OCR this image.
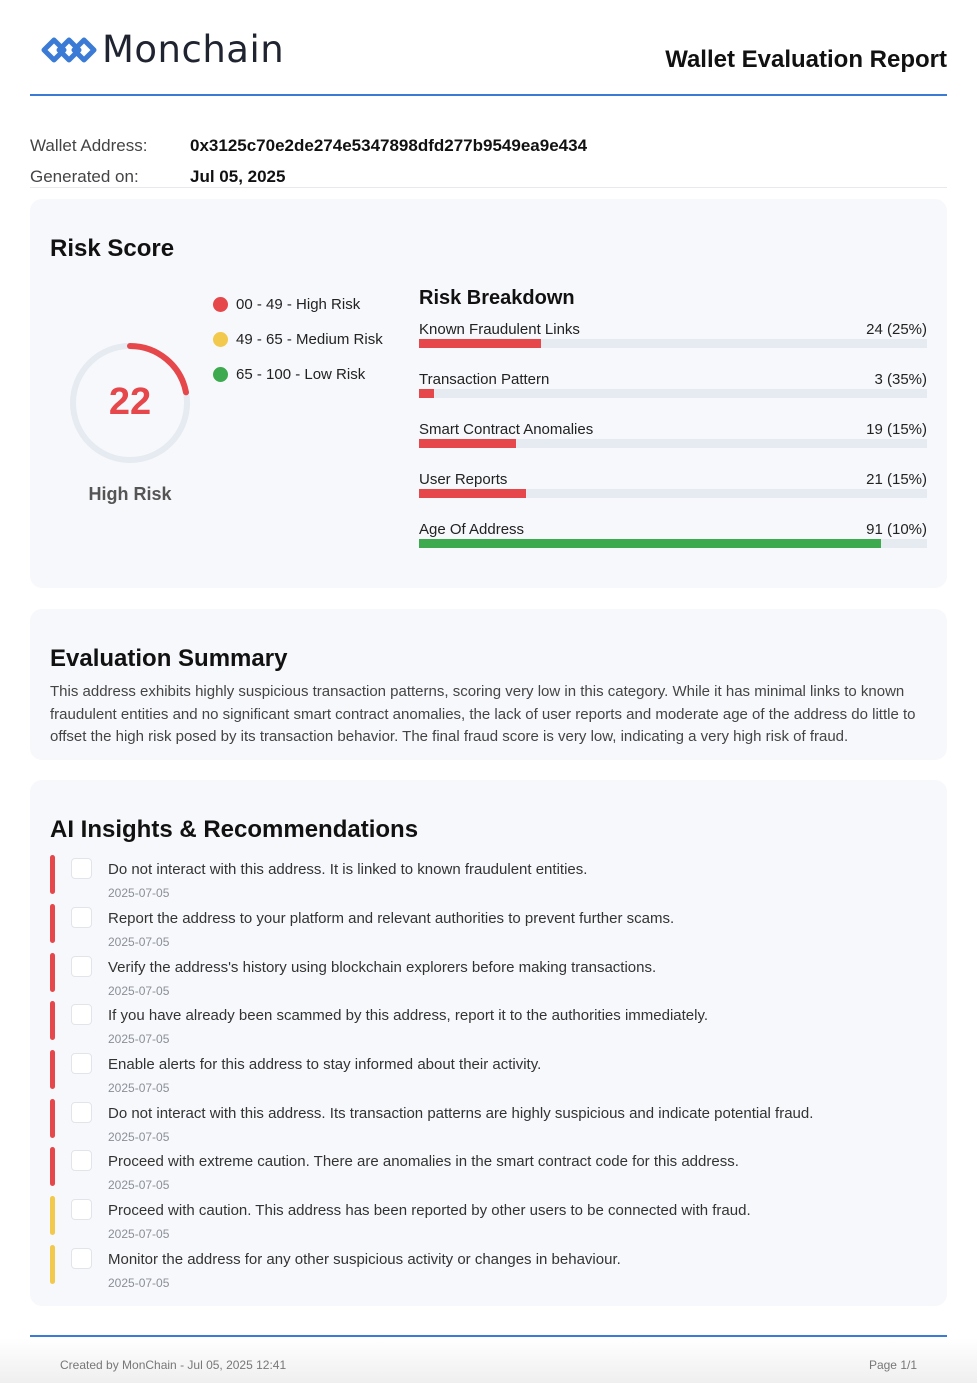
Monchain	Wallet Evaluation Report
Wallet Address:	0x3125c70e2de274e5347898dfd277b9549ea9e434
Generated on:	Jul 05, 2025
Risk Score
22
High Risk
00 - 49 - High Risk
49 - 65 - Medium Risk
65 - 100 - Low Risk
Risk Breakdown
Known Fraudulent Links	24 (25%)
Transaction Pattern	3 (35%)
Smart Contract Anomalies	19 (15%)
User Reports	21 (15%)
Age Of Address	91 (10%)
Evaluation Summary

This address exhibits highly suspicious transaction patterns, scoring very low in this category. While it has minimal links to known fraudulent entities and no significant smart contract anomalies, the lack of user reports and moderate age of the address do little to offset the high risk posed by its transaction behavior. The final fraud score is very low, indicating a very high risk of fraud.

AI Insights & Recommendations
Do not interact with this address. It is linked to known fraudulent entities.
2025-07-05
Report the address to your platform and relevant authorities to prevent further scams.
2025-07-05
Verify the address's history using blockchain explorers before making transactions.
2025-07-05
If you have already been scammed by this address, report it to the authorities immediately.
2025-07-05
Enable alerts for this address to stay informed about their activity.
2025-07-05
Do not interact with this address. Its transaction patterns are highly suspicious and indicate potential fraud.
2025-07-05
Proceed with extreme caution. There are anomalies in the smart contract code for this address.
2025-07-05
Proceed with caution. This address has been reported by other users to be connected with fraud.
2025-07-05
Monitor the address for any other suspicious activity or changes in behaviour.
2025-07-05
Created by MonChain - Jul 05, 2025 12:41	Page 1/1
